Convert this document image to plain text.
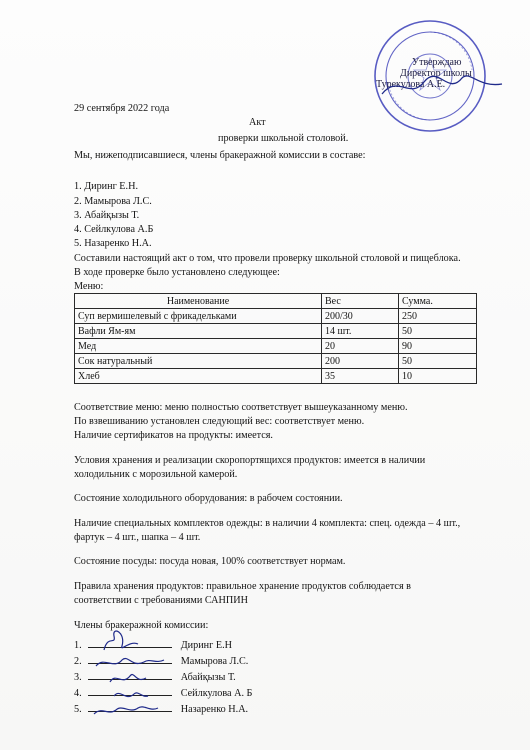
Утверждаю
Директор школы
Турекулова А.Е.
29 сентября 2022 года
Акт
проверки школьной столовой.
Мы, нижеподписавшиеся, члены бракеражной комиссии в составе:
1. Диринг Е.Н.
2. Мамырова Л.С.
3. Абайқызы Т.
4. Сейлкулова А.Б
5. Назаренко Н.А.
Составили настоящий акт о том, что провели проверку школьной столовой и пищеблока.
В ходе проверке было установлено следующее:
Меню:
Наименование	Вес	Сумма.
Суп вермишелевый с фрикадельками	200/30	250
Вафли Ям-ям	14 шт.	50
Мед	20	90
Сок натуральный	200	50
Хлеб	35	10
Соответствие меню: меню полностью соответствует вышеуказанному меню.
По взвешиванию установлен следующий вес: соответствует меню.
Наличие сертификатов на продукты: имеется.
Условия хранения и реализации скоропортящихся продуктов: имеется в наличии
холодильник с морозильной камерой.
Состояние холодильного оборудования: в рабочем состоянии.
Наличие специальных комплектов одежды: в наличии 4 комплекта: спец. одежда – 4 шт.,
фартук – 4 шт., шапка – 4 шт.
Состояние посуды: посуда новая, 100% соответствует нормам.
Правила хранения продуктов: правильное хранение продуктов соблюдается в
соответствии с требованиями САНПИН
Члены бракеражной комиссии:
1.	Диринг Е.Н
2.	Мамырова Л.С.
3.	Абайқызы Т.
4.	Сейлкулова А. Б
5.	Назаренко Н.А.
